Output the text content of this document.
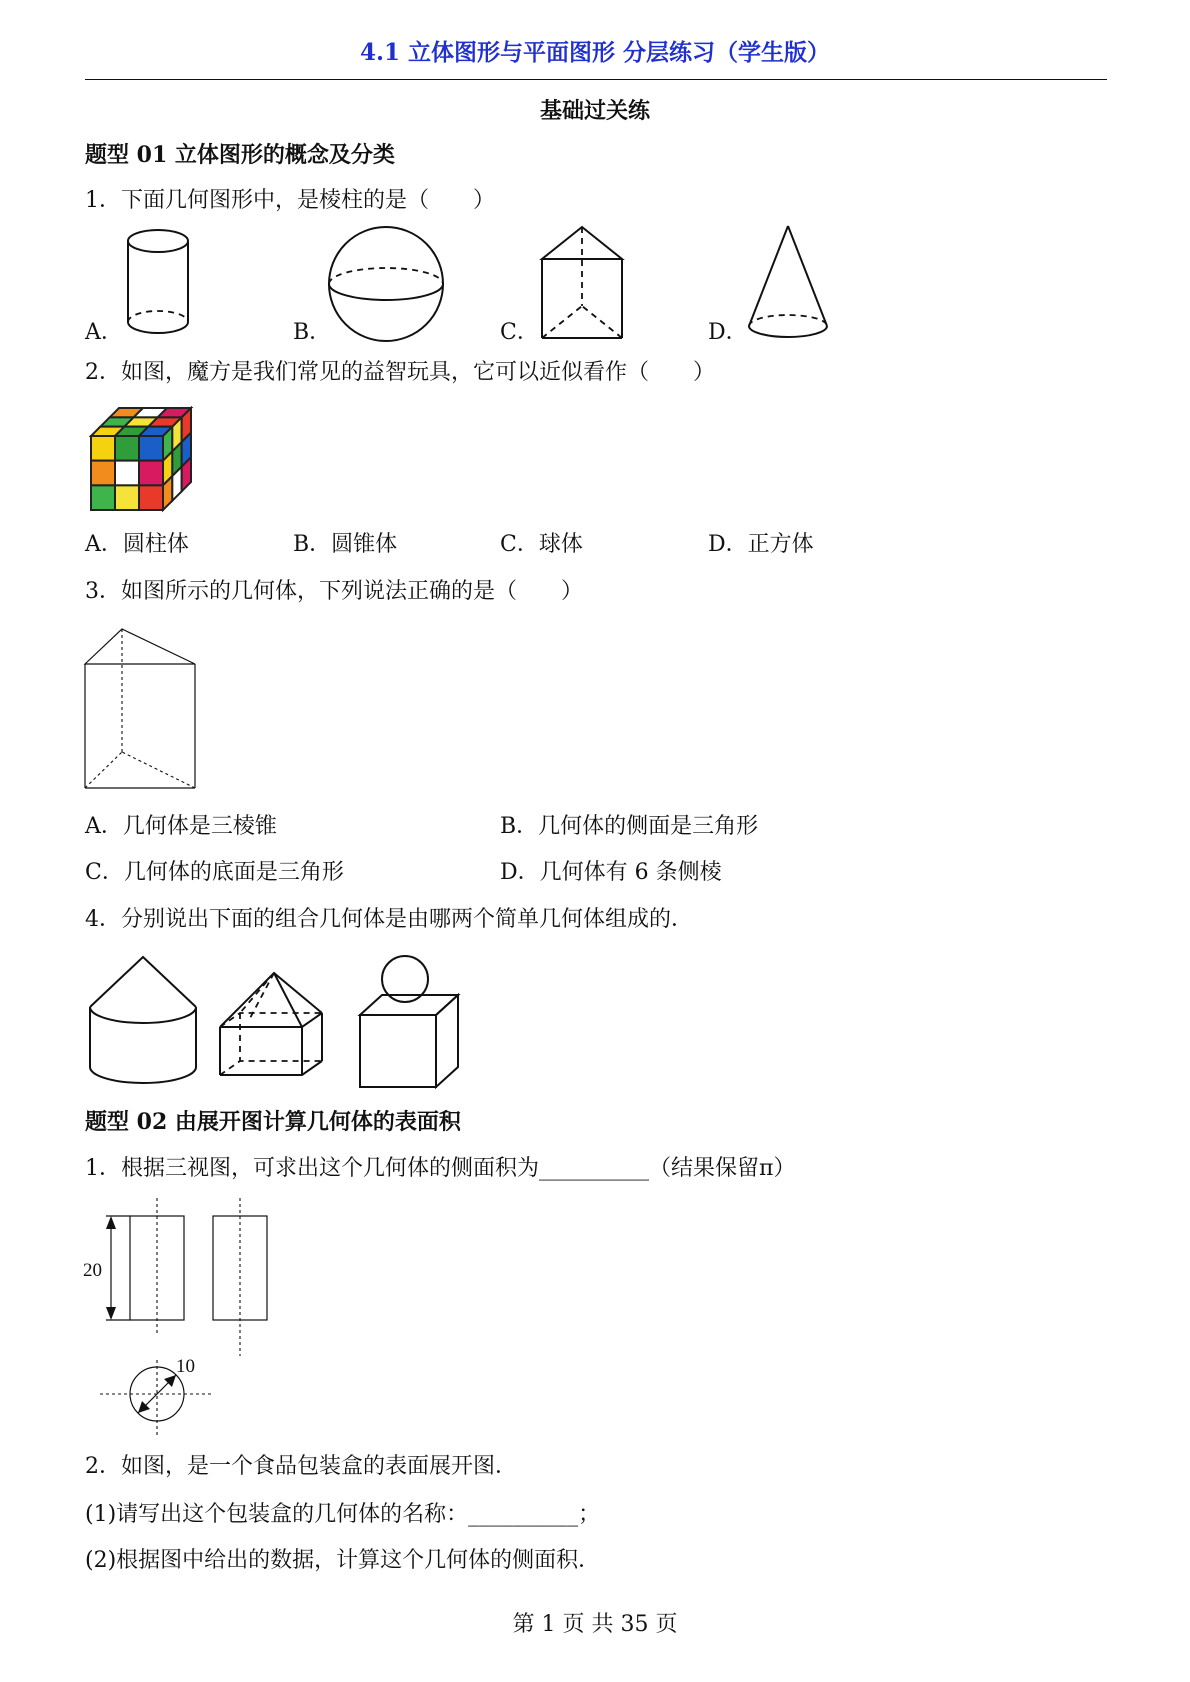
4.1 立体图形与平面图形 分层练习（学生版）
基础过关练
题型 01 立体图形的概念及分类
1．下面几何图形中，是棱柱的是（　　）
A．	B．	C．	D．
2．如图，魔方是我们常见的益智玩具，它可以近似看作（　　）
A．圆柱体	B．圆锥体	C．球体	D．正方体
3．如图所示的几何体，下列说法正确的是（　　）
A．几何体是三棱锥	B．几何体的侧面是三角形
C．几何体的底面是三角形	D．几何体有 6 条侧棱
4．分别说出下面的组合几何体是由哪两个简单几何体组成的．
题型 02 由展开图计算几何体的表面积
1．根据三视图，可求出这个几何体的侧面积为__________（结果保留π）
20
10
2．如图，是一个食品包装盒的表面展开图．
(1)请写出这个包装盒的几何体的名称：__________；
(2)根据图中给出的数据，计算这个几何体的侧面积．
第 1 页 共 35 页
